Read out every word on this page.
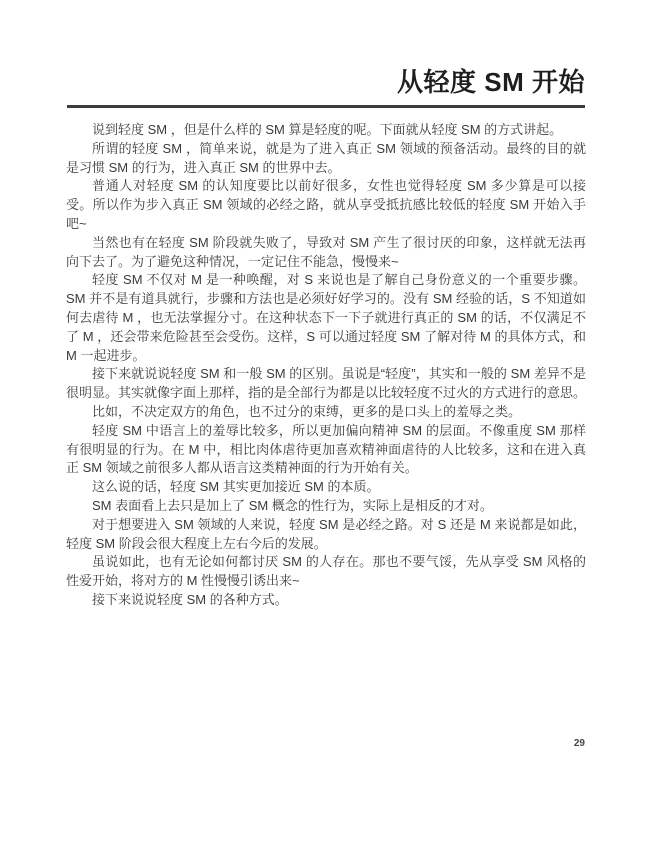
从轻度 SM 开始

说到轻度 SM ，但是什么样的 SM 算是轻度的呢。下面就从轻度 SM 的方式讲起。

所谓的轻度 SM ，简单来说，就是为了进入真正 SM 领域的预备活动。最终的目的就是习惯 SM 的行为，进入真正 SM 的世界中去。

普通人对轻度 SM 的认知度要比以前好很多，女性也觉得轻度 SM 多少算是可以接受。所以作为步入真正 SM 领域的必经之路，就从享受抵抗感比较低的轻度 SM 开始入手吧~

当然也有在轻度 SM 阶段就失败了，导致对 SM 产生了很讨厌的印象，这样就无法再向下去了。为了避免这种情况，一定记住不能急，慢慢来~

轻度 SM 不仅对 M 是一种唤醒，对 S 来说也是了解自己身份意义的一个重要步骤。SM 并不是有道具就行，步骤和方法也是必须好好学习的。没有 SM 经验的话，S 不知道如何去虐待 M ，也无法掌握分寸。在这种状态下一下子就进行真正的 SM 的话，不仅满足不了 M ，还会带来危险甚至会受伤。这样，S 可以通过轻度 SM 了解对待 M 的具体方式，和 M 一起进步。

接下来就说说轻度 SM 和一般 SM 的区别。虽说是“轻度”，其实和一般的 SM 差异不是很明显。其实就像字面上那样，指的是全部行为都是以比较轻度不过火的方式进行的意思。

比如，不决定双方的角色，也不过分的束缚，更多的是口头上的羞辱之类。

轻度 SM 中语言上的羞辱比较多，所以更加偏向精神 SM 的层面。不像重度 SM 那样有很明显的行为。在 M 中，相比肉体虐待更加喜欢精神面虐待的人比较多，这和在进入真正 SM 领域之前很多人都从语言这类精神面的行为开始有关。

这么说的话，轻度 SM 其实更加接近 SM 的本质。

SM 表面看上去只是加上了 SM 概念的性行为，实际上是相反的才对。

对于想要进入 SM 领域的人来说，轻度 SM 是必经之路。对 S 还是 M 来说都是如此，轻度 SM 阶段会很大程度上左右今后的发展。

虽说如此，也有无论如何都讨厌 SM 的人存在。那也不要气馁，先从享受 SM 风格的性爱开始，将对方的 M 性慢慢引诱出来~

接下来说说轻度 SM 的各种方式。

29
